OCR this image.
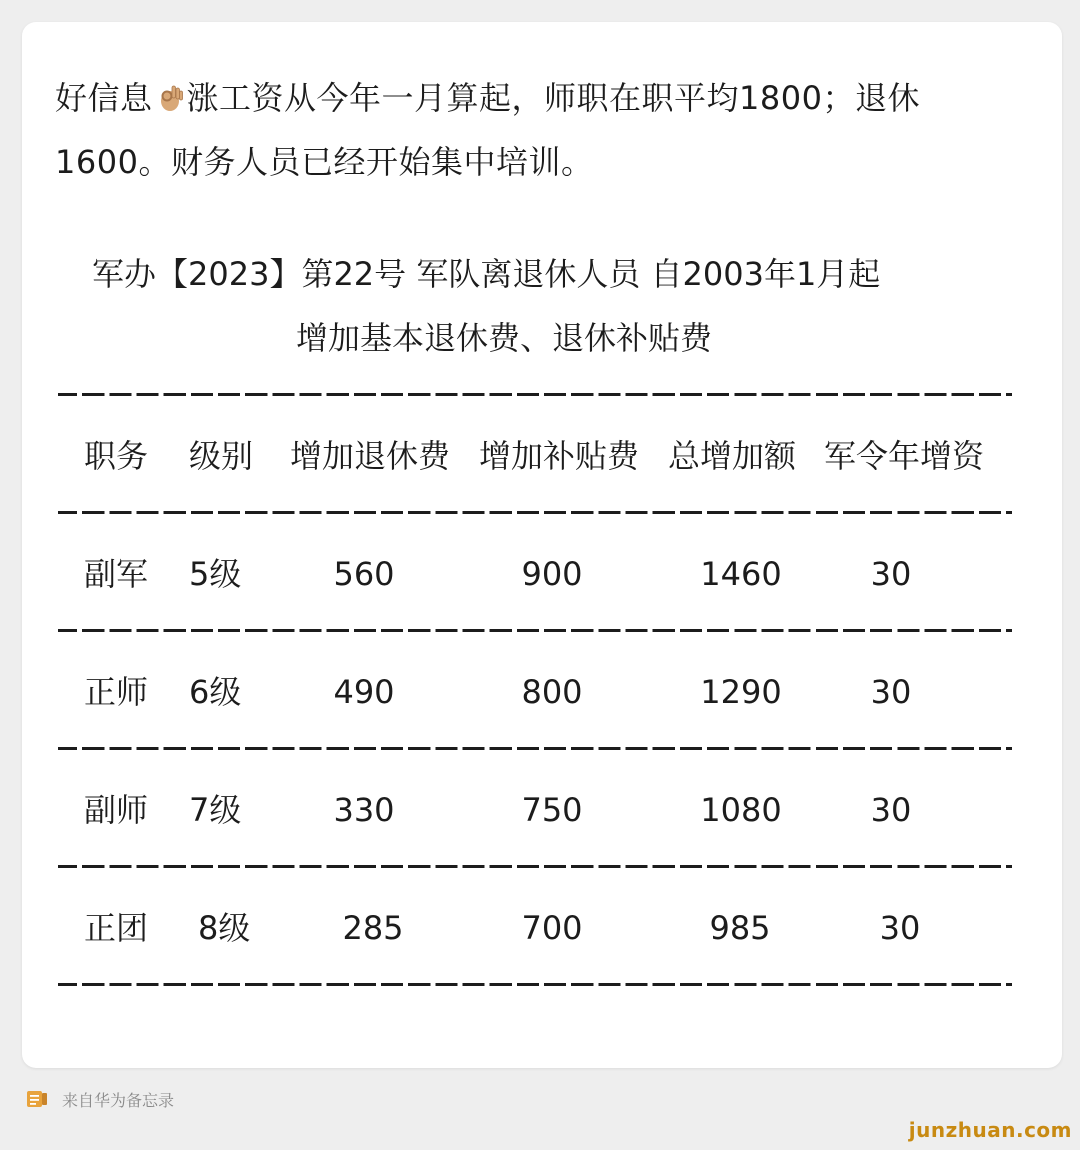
好信息 涨工资从今年一月算起，师职在职平均1800；退休1600。财务人员已经开始集中培训。
军办【2023】第22号 军队离退休人员 自2003年1月起
增加基本退休费、退休补贴费
职务 级别 增加退休费 增加补贴费 总增加额 军令年增资
副军 5级	560	900	1460	30
正师 6级	490	800	1290	30
副师 7级	330	750	1080	30
正团 8级	285	700	985	30
来自华为备忘录
junzhuan.com
